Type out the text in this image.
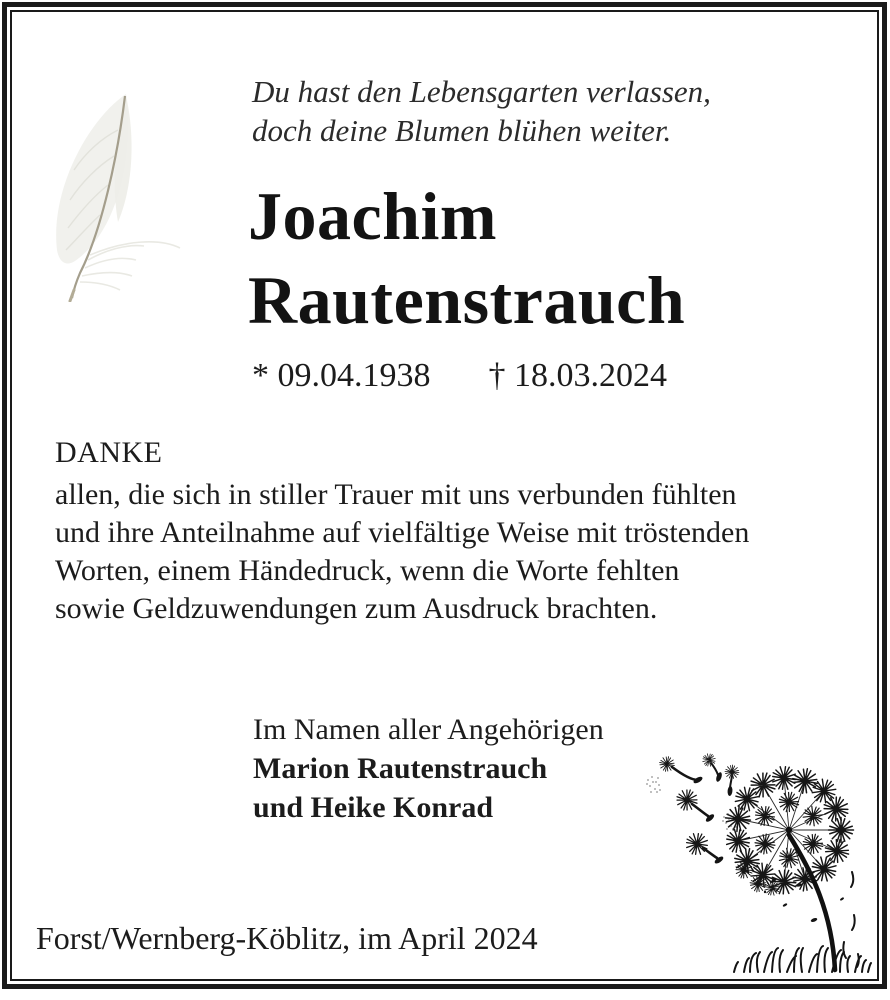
Du hast den Lebensgarten verlassen,
doch deine Blumen blühen weiter.
Joachim
Rautenstrauch
* 09.04.1938 † 18.03.2024
DANKE
allen, die sich in stiller Trauer mit uns verbunden fühlten
und ihre Anteilnahme auf vielfältige Weise mit tröstenden
Worten, einem Händedruck, wenn die Worte fehlten
sowie Geldzuwendungen zum Ausdruck brachten.
Im Namen aller Angehörigen
Marion Rautenstrauch
und Heike Konrad
Forst/Wernberg-Köblitz, im April 2024
